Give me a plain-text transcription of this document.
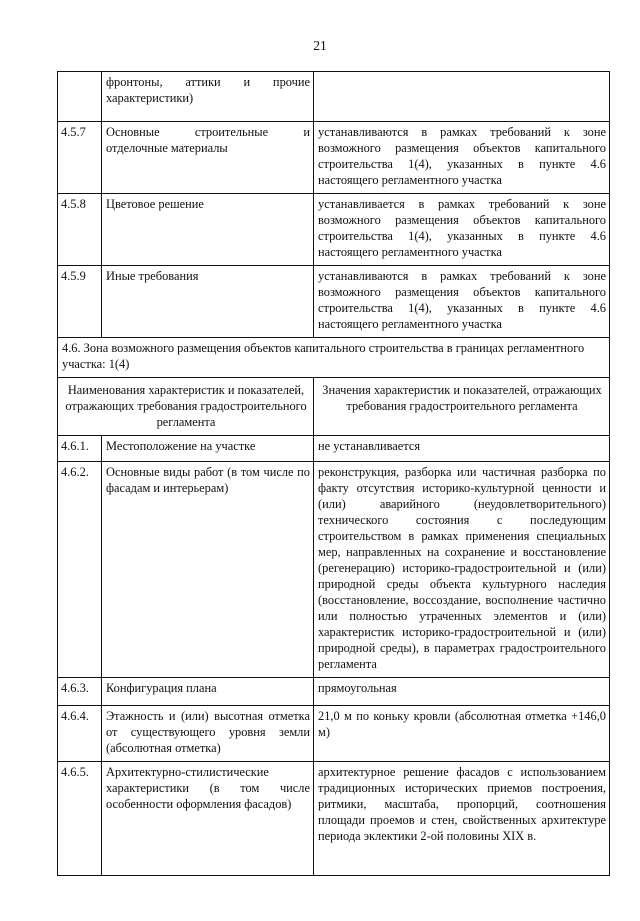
21
	фронтоны, аттики и прочие характеристики)	
4.5.7	Основные строительные и отделочные материалы	устанавливаются в рамках требований к зоне возможного размещения объектов капитального строительства 1(4), указанных в пункте 4.6 настоящего регламентного участка
4.5.8	Цветовое решение	устанавливается в рамках требований к зоне возможного размещения объектов капитального строительства 1(4), указанных в пункте 4.6 настоящего регламентного участка
4.5.9	Иные требования	устанавливаются в рамках требований к зоне возможного размещения объектов капитального строительства 1(4), указанных в пункте 4.6 настоящего регламентного участка
4.6. Зона возможного размещения объектов капитального строительства в границах регламентного участка: 1(4)		
Наименования характеристик и показателей, отражающих требования градостроительного регламента		Значения характеристик и показателей, отражающих требования градостроительного регламента
4.6.1.	Местоположение на участке	не устанавливается
4.6.2.	Основные виды работ (в том числе по фасадам и интерьерам)	реконструкция, разборка или частичная разборка по факту отсутствия историко-культурной ценности и (или) аварийного (неудовлетворительного) технического состояния с последующим строительством в рамках применения специальных мер, направленных на сохранение и восстановление (регенерацию) историко-градостроительной и (или) природной среды объекта культурного наследия (восстановление, воссоздание, восполнение частично или полностью утраченных элементов и (или) характеристик историко-градостроительной и (или) природной среды), в параметрах градостроительного регламента
4.6.3.	Конфигурация плана	прямоугольная
4.6.4.	Этажность и (или) высотная отметка от существующего уровня земли (абсолютная отметка)	21,0 м по коньку кровли (абсолютная отметка +146,0 м)
4.6.5.	Архитектурно-стилистические характеристики (в том числе особенности оформления фасадов)	архитектурное решение фасадов с использованием традиционных исторических приемов построения, ритмики, масштаба, пропорций, соотношения площади проемов и стен, свойственных архитектуре периода эклектики 2-ой половины XIX в.
